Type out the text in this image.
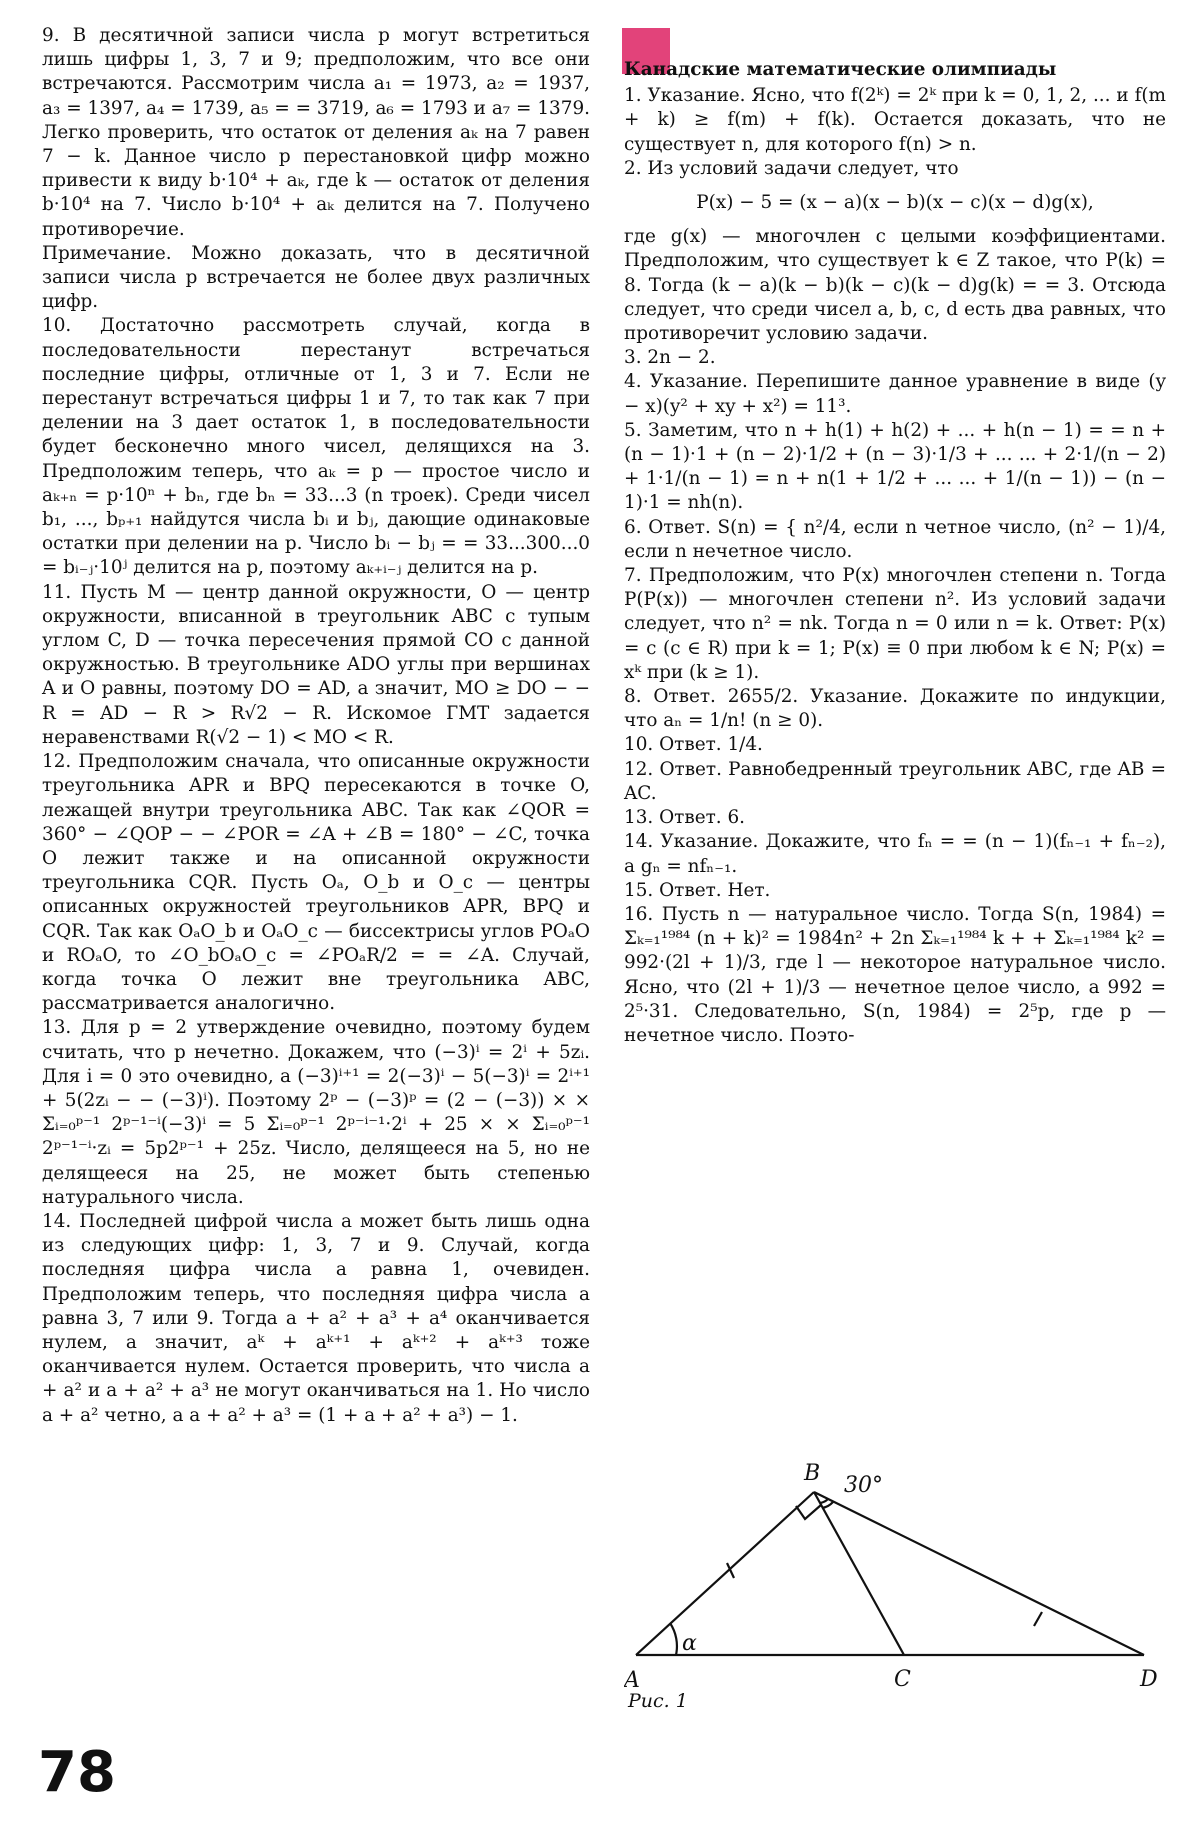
9. В десятичной записи числа p могут встретиться лишь цифры 1, 3, 7 и 9; предположим, что все они встречаются. Рассмотрим числа a₁ = 1973, a₂ = 1937, a₃ = 1397, a₄ = 1739, a₅ = = 3719, a₆ = 1793 и a₇ = 1379. Легко проверить, что остаток от деления aₖ на 7 равен 7 − k. Данное число p перестановкой цифр можно привести к виду b·10⁴ + aₖ, где k — остаток от деления b·10⁴ на 7. Число b·10⁴ + aₖ делится на 7. Получено противоречие.

Примечание. Можно доказать, что в десятичной записи числа p встречается не более двух различных цифр.

10. Достаточно рассмотреть случай, когда в последовательности перестанут встречаться последние цифры, отличные от 1, 3 и 7. Если не перестанут встречаться цифры 1 и 7, то так как 7 при делении на 3 дает остаток 1, в последовательности будет бесконечно много чисел, делящихся на 3. Предположим теперь, что aₖ = p — простое число и aₖ₊ₙ = p·10ⁿ + bₙ, где bₙ = 33...3 (n троек). Среди чисел b₁, ..., bₚ₊₁ найдутся числа bᵢ и bⱼ, дающие одинаковые остатки при делении на p. Число bᵢ − bⱼ = = 33...300...0 = bᵢ₋ⱼ·10ʲ делится на p, поэтому aₖ₊ᵢ₋ⱼ делится на p.

11. Пусть M — центр данной окружности, O — центр окружности, вписанной в треугольник ABC с тупым углом C, D — точка пересечения прямой CO с данной окружностью. В треугольнике ADO углы при вершинах A и O равны, поэтому DO = AD, а значит, MO ≥ DO − − R = AD − R > R√2 − R. Искомое ГМТ задается неравенствами R(√2 − 1) < MO < R.

12. Предположим сначала, что описанные окружности треугольника APR и BPQ пересекаются в точке O, лежащей внутри треугольника ABC. Так как ∠QOR = 360° − ∠QOP − − ∠POR = ∠A + ∠B = 180° − ∠C, точка O лежит также и на описанной окружности треугольника CQR. Пусть Oₐ, O_b и O_c — центры описанных окружностей треугольников APR, BPQ и CQR. Так как OₐO_b и OₐO_c — биссектрисы углов POₐO и ROₐO, то ∠O_bOₐO_c = ∠POₐR/2 = = ∠A. Случай, когда точка O лежит вне треугольника ABC, рассматривается аналогично.

13. Для p = 2 утверждение очевидно, поэтому будем считать, что p нечетно. Докажем, что (−3)ⁱ = 2ⁱ + 5zᵢ. Для i = 0 это очевидно, а (−3)ⁱ⁺¹ = 2(−3)ⁱ − 5(−3)ⁱ = 2ⁱ⁺¹ + 5(2zᵢ − − (−3)ⁱ). Поэтому 2ᵖ − (−3)ᵖ = (2 − (−3)) × × Σᵢ₌₀ᵖ⁻¹ 2ᵖ⁻¹⁻ⁱ(−3)ⁱ = 5 Σᵢ₌₀ᵖ⁻¹ 2ᵖ⁻ⁱ⁻¹·2ⁱ + 25 × × Σᵢ₌₀ᵖ⁻¹ 2ᵖ⁻¹⁻ⁱ·zᵢ = 5p2ᵖ⁻¹ + 25z. Число, делящееся на 5, но не делящееся на 25, не может быть степенью натурального числа.

14. Последней цифрой числа a может быть лишь одна из следующих цифр: 1, 3, 7 и 9. Случай, когда последняя цифра числа a равна 1, очевиден. Предположим теперь, что последняя цифра числа a равна 3, 7 или 9. Тогда a + a² + a³ + a⁴ оканчивается нулем, а значит, aᵏ + aᵏ⁺¹ + aᵏ⁺² + aᵏ⁺³ тоже оканчивается нулем. Остается проверить, что числа a + a² и a + a² + a³ не могут оканчиваться на 1. Но число a + a² четно, а a + a² + a³ = (1 + a + a² + a³) − 1.

Канадские математические олимпиады

1. Указание. Ясно, что f(2ᵏ) = 2ᵏ при k = 0, 1, 2, ... и f(m + k) ≥ f(m) + f(k). Остается доказать, что не существует n, для которого f(n) > n.

2. Из условий задачи следует, что

P(x) − 5 = (x − a)(x − b)(x − c)(x − d)g(x),

где g(x) — многочлен с целыми коэффициентами. Предположим, что существует k ∈ Z такое, что P(k) = 8. Тогда (k − a)(k − b)(k − c)(k − d)g(k) = = 3. Отсюда следует, что среди чисел a, b, c, d есть два равных, что противоречит условию задачи.

3. 2n − 2.

4. Указание. Перепишите данное уравнение в виде (y − x)(y² + xy + x²) = 11³.

5. Заметим, что n + h(1) + h(2) + ... + h(n − 1) = = n + (n − 1)·1 + (n − 2)·1/2 + (n − 3)·1/3 + ... ... + 2·1/(n − 2) + 1·1/(n − 1) = n + n(1 + 1/2 + ... ... + 1/(n − 1)) − (n − 1)·1 = nh(n).

6. Ответ. S(n) = { n²/4, если n четное число, (n² − 1)/4, если n нечетное число.

7. Предположим, что P(x) многочлен степени n. Тогда P(P(x)) — многочлен степени n². Из условий задачи следует, что n² = nk. Тогда n = 0 или n = k. Ответ: P(x) = c (c ∈ R) при k = 1; P(x) ≡ 0 при любом k ∈ N; P(x) = xᵏ при (k ≥ 1).

8. Ответ. 2655/2. Указание. Докажите по индукции, что aₙ = 1/n! (n ≥ 0).

10. Ответ. 1/4.

12. Ответ. Равнобедренный треугольник ABC, где AB = AC.

13. Ответ. 6.

14. Указание. Докажите, что fₙ = = (n − 1)(fₙ₋₁ + fₙ₋₂), а gₙ = nfₙ₋₁.

15. Ответ. Нет.

16. Пусть n — натуральное число. Тогда S(n, 1984) = Σₖ₌₁¹⁹⁸⁴ (n + k)² = 1984n² + 2n Σₖ₌₁¹⁹⁸⁴ k + + Σₖ₌₁¹⁹⁸⁴ k² = 992·(2l + 1)/3, где l — некоторое натуральное число. Ясно, что (2l + 1)/3 — нечетное целое число, а 992 = 2⁵·31. Следовательно, S(n, 1984) = 2⁵p, где p — нечетное число. Поэто-

A
B
C	D
α
30°
Рис. 1
78
